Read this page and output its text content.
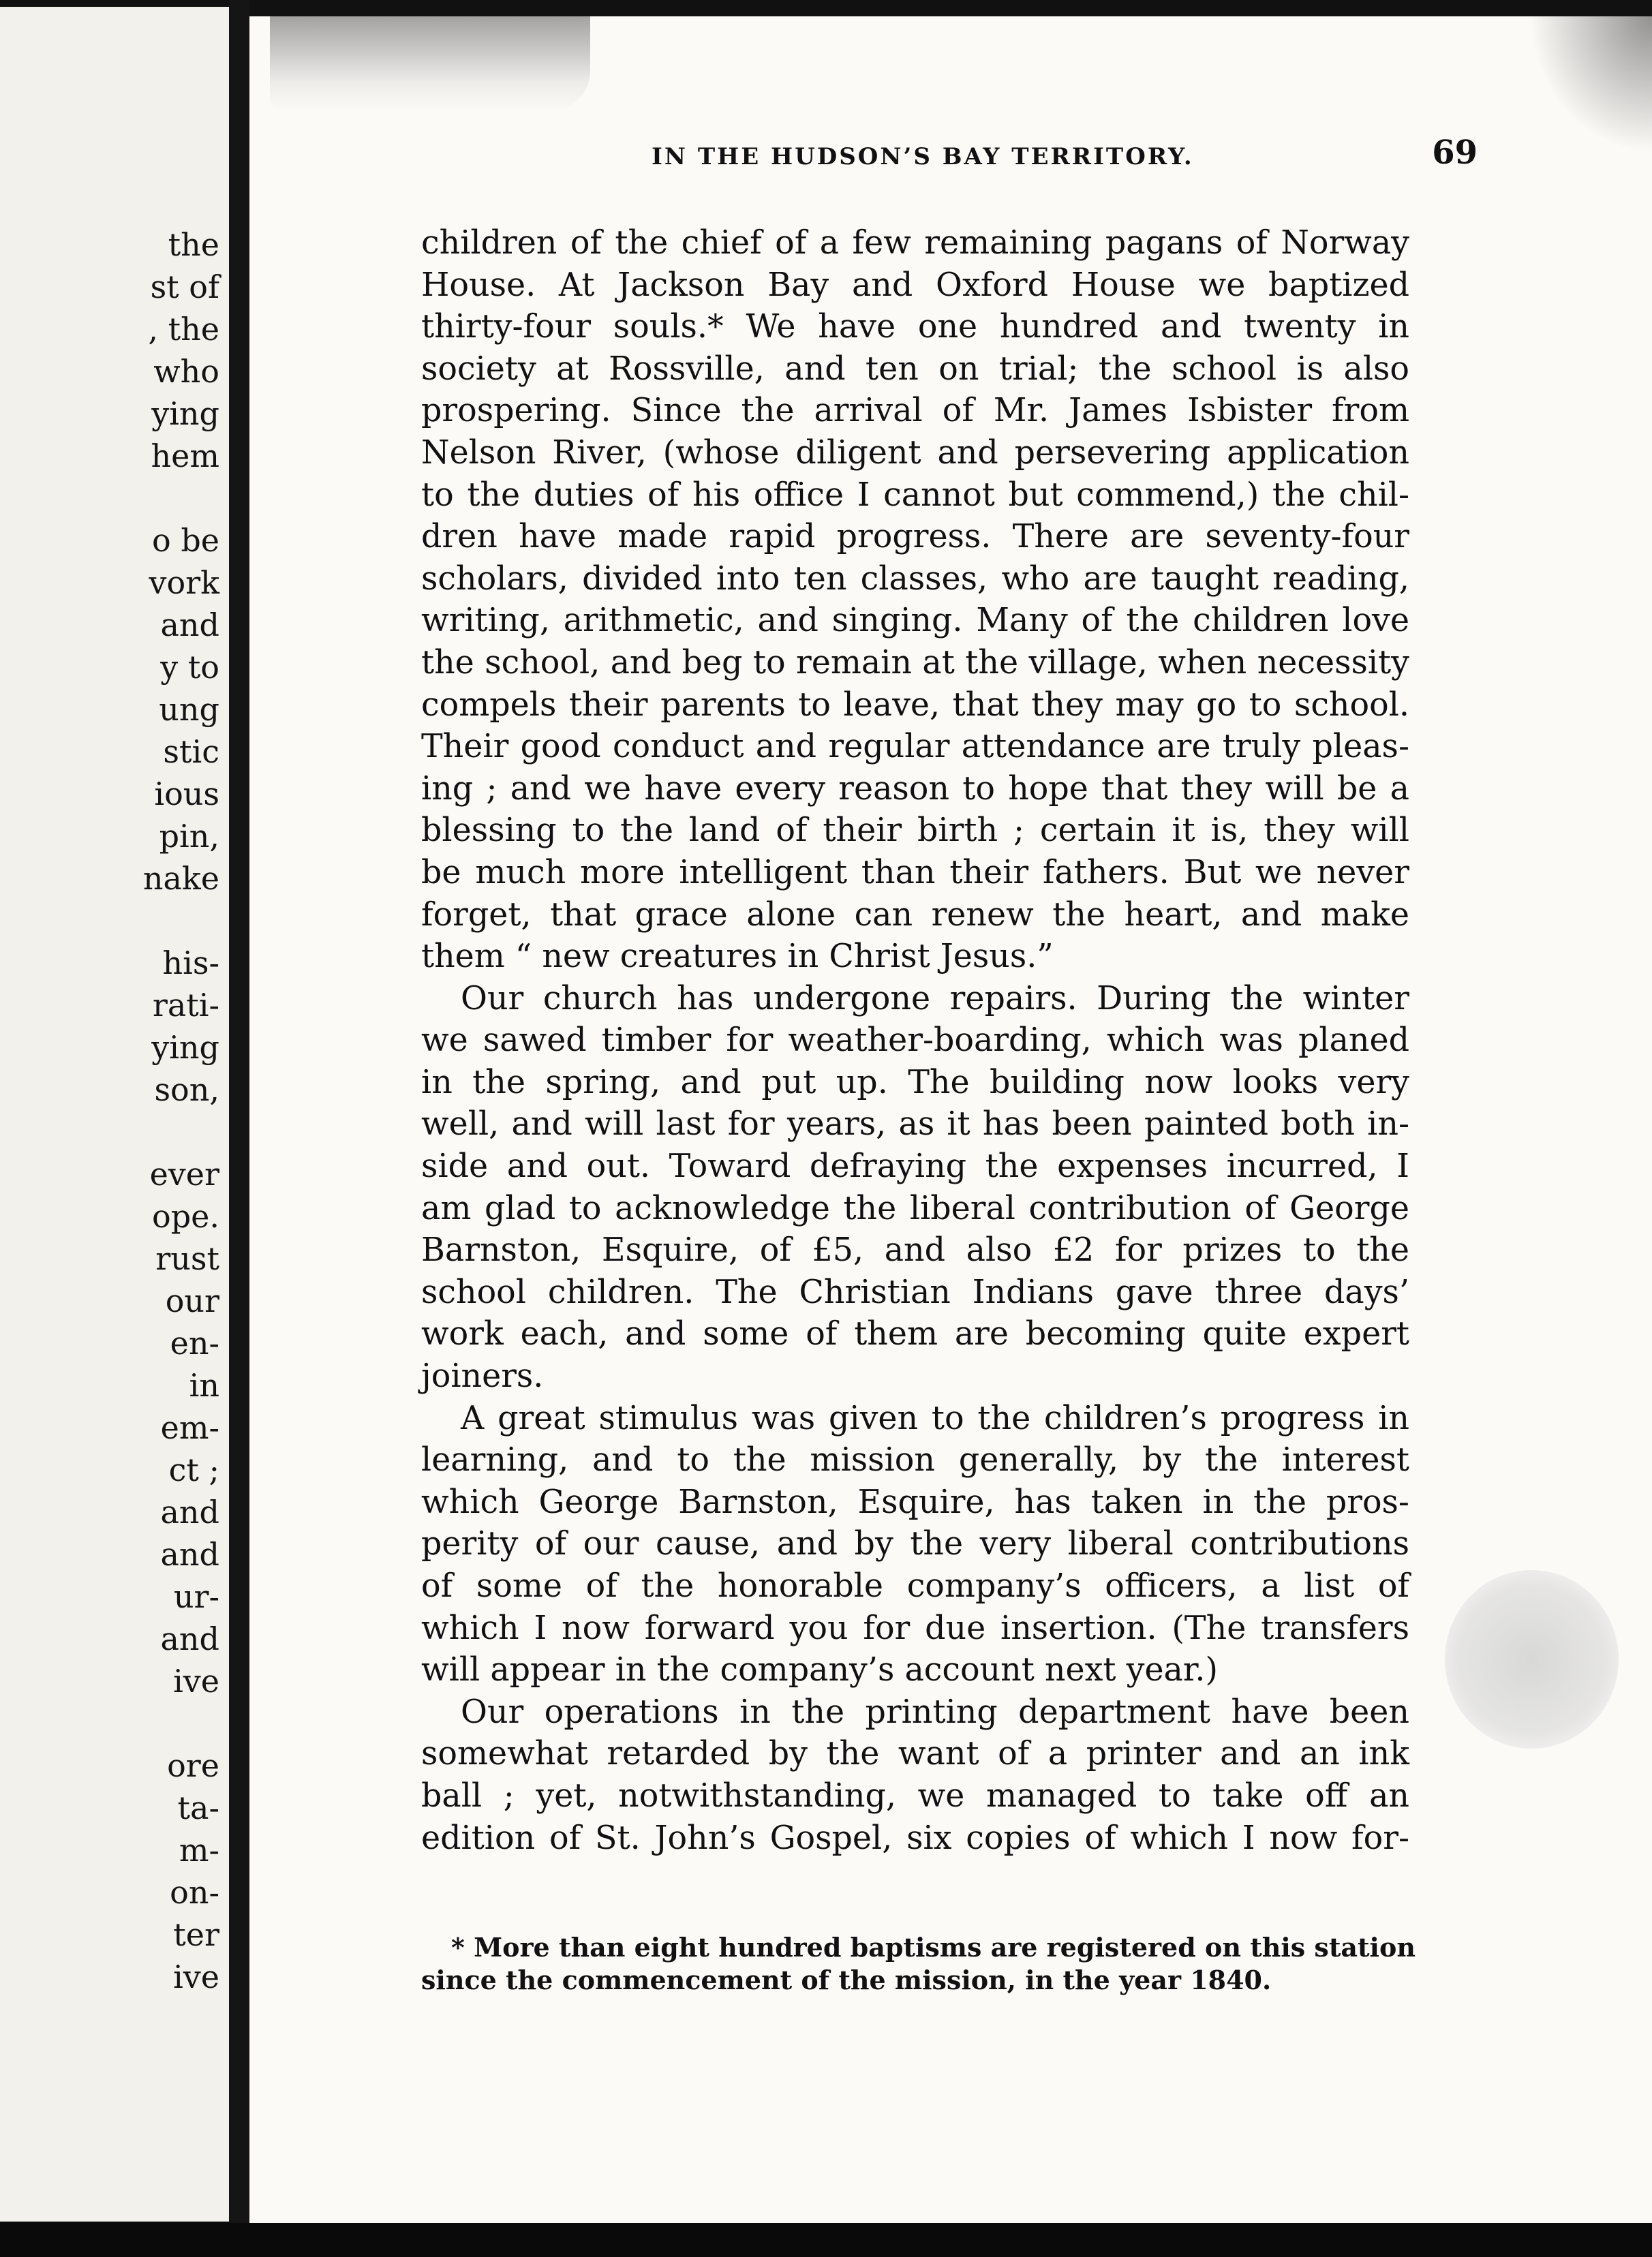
the
st of
, the
who
ying
hem
o be
vork
and
y to
ung
stic
ious
pin,
nake
his-
rati-
ying
son,
ever
ope.
rust
our
en-
in
em-
ct ;
and
and
ur-
and
ive
ore
ta-
m-
on-
ter
ive
IN THE HUDSON’S BAY TERRITORY.	69
children of the chief of a few remaining pagans of Norway
House. At Jackson Bay and Oxford House we baptized
thirty-four souls.* We have one hundred and twenty in
society at Rossville, and ten on trial; the school is also
prospering. Since the arrival of Mr. James Isbister from
Nelson River, (whose diligent and persevering application
to the duties of his office I cannot but commend,) the chil-
dren have made rapid progress. There are seventy-four
scholars, divided into ten classes, who are taught reading,
writing, arithmetic, and singing. Many of the children love
the school, and beg to remain at the village, when necessity
compels their parents to leave, that they may go to school.
Their good conduct and regular attendance are truly pleas-
ing ; and we have every reason to hope that they will be a
blessing to the land of their birth ; certain it is, they will
be much more intelligent than their fathers. But we never
forget, that grace alone can renew the heart, and make
them “ new creatures in Christ Jesus.”
Our church has undergone repairs. During the winter
we sawed timber for weather-boarding, which was planed
in the spring, and put up. The building now looks very
well, and will last for years, as it has been painted both in-
side and out. Toward defraying the expenses incurred, I
am glad to acknowledge the liberal contribution of George
Barnston, Esquire, of £5, and also £2 for prizes to the
school children. The Christian Indians gave three days’
work each, and some of them are becoming quite expert
joiners.
A great stimulus was given to the children’s progress in
learning, and to the mission generally, by the interest
which George Barnston, Esquire, has taken in the pros-
perity of our cause, and by the very liberal contributions
of some of the honorable company’s officers, a list of
which I now forward you for due insertion. (The transfers
will appear in the company’s account next year.)
Our operations in the printing department have been
somewhat retarded by the want of a printer and an ink
ball ; yet, notwithstanding, we managed to take off an
edition of St. John’s Gospel, six copies of which I now for-
* More than eight hundred baptisms are registered on this station
since the commencement of the mission, in the year 1840.
